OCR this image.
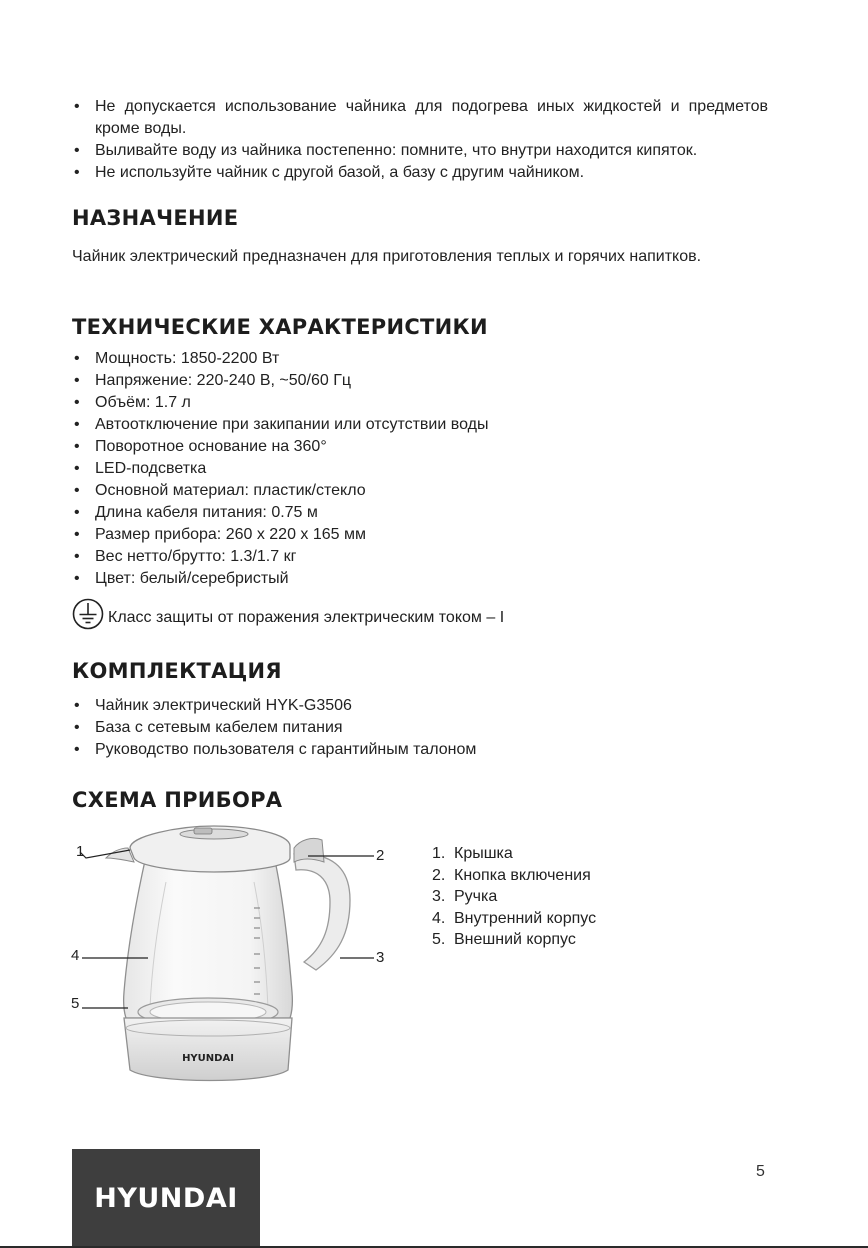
• Не допускается использование чайника для подогрева иных жидкостей и предметов кроме воды.
• Выливайте воду из чайника постепенно: помните, что внутри находится кипяток.
• Не используйте чайник с другой базой, а базу с другим чайником.
НАЗНАЧЕНИЕ

Чайник электрический предназначен для приготовления теплых и горячих напитков.

ТЕХНИЧЕСКИЕ ХАРАКТЕРИСТИКИ
• Мощность: 1850-2200 Вт
• Напряжение: 220-240 В, ~50/60 Гц
• Объём: 1.7 л
• Автоотключение при закипании или отсутствии воды
• Поворотное основание на 360°
• LED-подсветка
• Основной материал: пластик/стекло
• Длина кабеля питания: 0.75 м
• Размер прибора: 260 x 220 x 165 мм
• Вес нетто/брутто: 1.3/1.7 кг
• Цвет: белый/серебристый
Класс защиты от поражения электрическим током – I
КОМПЛЕКТАЦИЯ
• Чайник электрический HYK-G3506
• База с сетевым кабелем питания
• Руководство пользователя с гарантийным талоном
СХЕМА ПРИБОРА
HYUNDAI
1	2
3
4
5
1. Крышка
2. Кнопка включения
3. Ручка
4. Внутренний корпус
5. Внешний корпус
HYUNDAI
5
